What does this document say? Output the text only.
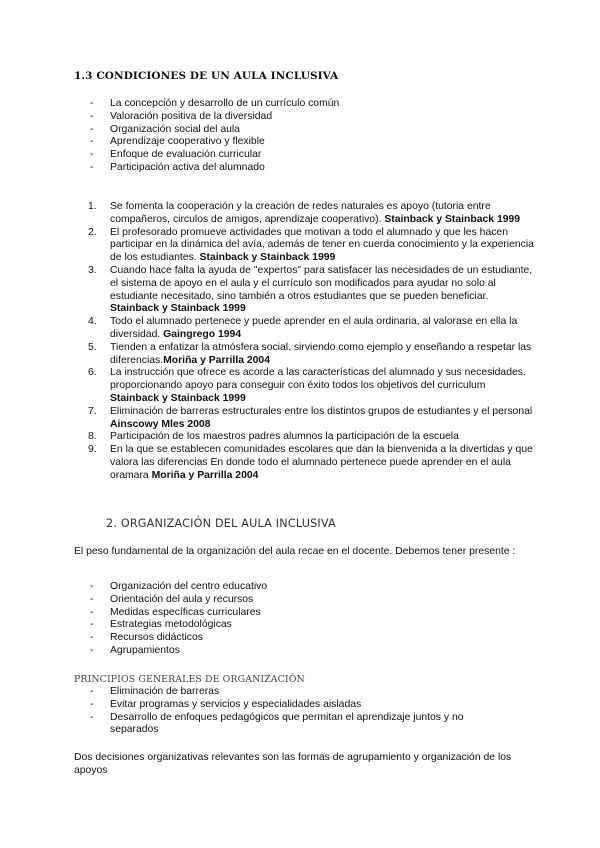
1.3 CONDICIONES DE UN AULA INCLUSIVA
- La concepción y desarrollo de un currículo común
- Valoración positiva de la diversidad
- Organización social del aula
- Aprendizaje cooperativo y flexible
- Enfoque de evaluación curricular
- Participación activa del alumnado
1. Se fomenta la cooperación y la creación de redes naturales es apoyo (tutoria entre compañeros, circulos de amigos, aprendizaje cooperativo). Stainback y Stainback 1999
2. El profesorado promueve actividades que motivan a todo el alumnado y que les hacen participar en la dinámica del avía, además de tener en cuerda conocimiento y la experiencia de los estudiantes. Stainback y Stainback 1999
3. Cuando hace falta la ayuda de "expertos" para satisfacer las necesidades de un estudiante, el sistema de apoyo en el aula y el currículo son modificados para ayudar no solo al estudiante necesitado, sino también a otros estudiantes que se pueden beneficiar. Stainback y Stainback 1999
4. Todo el alumnado pertenece y puede aprender en el aula ordinaria, al valorase en ella la diversidad. Gaingrego 1994
5. Tienden a enfatizar la atmósfera social. sirviendo como ejemplo y enseñando a respetar las diferencias.Moriña y Parrilla 2004
6. La instrucción que ofrece es acorde a las características del alumnado y sus necesidades. proporcionando apoyo para conseguir con éxito todos los objetivos del curriculum Stainback y Stainback 1999
7. Eliminación de barreras estructurales entre los distintos grupos de estudiantes y el personal Ainscowy Mles 2008
8. Participación de los maestros padres alumnos la participación de la escuela
9. En la que se establecen comunidades escolares que dan la bienvenida a la divertidas y que valora las diferencias En donde todo el alumnado pertenece puede aprender en el aula oramara Moriña y Parrilla 2004
2. ORGANIZACIÓN DEL AULA INCLUSIVA
El peso fundamental de la organización del aula recae en el docente. Debemos tener presente :
- Organización del centro educativo
- Orientación del aula y recursos
- Medidas específicas curriculares
- Estrategias metodológicas
- Recursos didácticos
- Agrupamientos
PRINCIPIOS GENERALES DE ORGANIZACIÓN
- Eliminación de barreras
- Evitar programas y servicios y especialidades aisladas
- Desarrollo de enfoques pedagógicos que permitan el aprendizaje juntos y no separados
Dos decisiones organizativas relevantes son las formas de agrupamiento y organización de los apoyos
